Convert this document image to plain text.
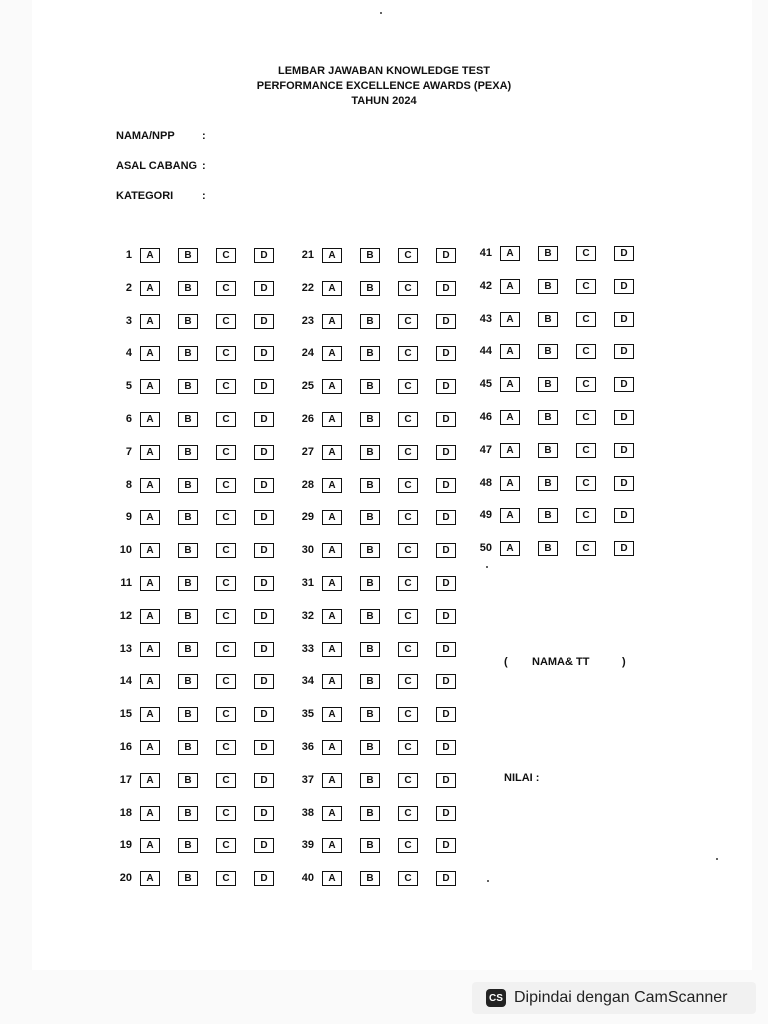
LEMBAR JAWABAN KNOWLEDGE TEST
PERFORMANCE EXCELLENCE AWARDS (PEXA)
TAHUN 2024
NAMA/NPP :
ASAL CABANG :
KATEGORI	:
1	A	B	C	D
2	A	B	C	D
3	A	B	C	D
4	A	B	C	D
5	A	B	C	D
6	A	B	C	D
7	A	B	C	D
8	A	B	C	D
9	A	B	C	D
10	A	B	C	D
11	A	B	C	D
12	A	B	C	D
13	A	B	C	D
14	A	B	C	D
15	A	B	C	D
16	A	B	C	D
17	A	B	C	D
18	A	B	C	D
19	A	B	C	D
20	A	B	C	D
21	A	B	C	D
22	A	B	C	D
23	A	B	C	D
24	A	B	C	D
25	A	B	C	D
26	A	B	C	D
27	A	B	C	D
28	A	B	C	D
29	A	B	C	D
30	A	B	C	D
31	A	B	C	D
32	A	B	C	D
33	A	B	C	D
34	A	B	C	D
35	A	B	C	D
36	A	B	C	D
37	A	B	C	D
38	A	B	C	D
39	A	B	C	D
40	A	B	C	D
41	A	B	C	D
42	A	B	C	D
43	A	B	C	D
44	A	B	C	D
45	A	B	C	D
46	A	B	C	D
47	A	B	C	D
48	A	B	C	D
49	A	B	C	D
50	A	B	C	D
( NAMA& TT	)
NILAI :
CS Dipindai dengan CamScanner
